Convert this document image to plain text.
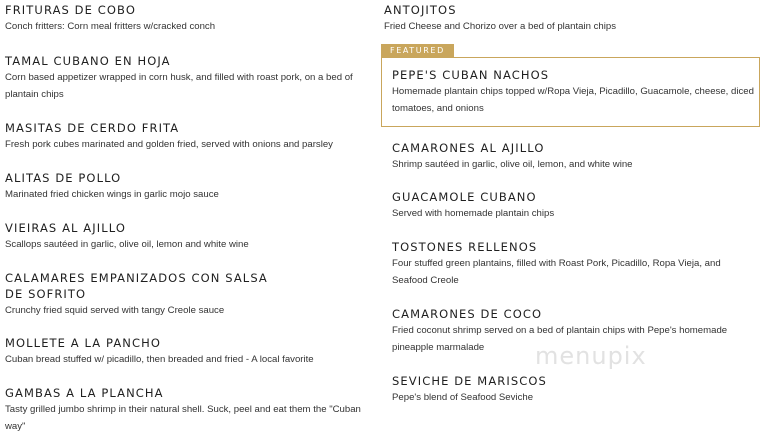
FRITURAS DE COBO
Conch fritters: Corn meal fritters w/cracked conch
TAMAL CUBANO EN HOJA
Corn based appetizer wrapped in corn husk, and filled with roast pork, on a bed of plantain chips
MASITAS DE CERDO FRITA
Fresh pork cubes marinated and golden fried, served with onions and parsley
ALITAS DE POLLO
Marinated fried chicken wings in garlic mojo sauce
VIEIRAS AL AJILLO
Scallops sautéed in garlic, olive oil, lemon and white wine
CALAMARES EMPANIZADOS CON SALSA DE SOFRITO
Crunchy fried squid served with tangy Creole sauce
MOLLETE A LA PANCHO
Cuban bread stuffed w/ picadillo, then breaded and fried - A local favorite
GAMBAS A LA PLANCHA
Tasty grilled jumbo shrimp in their natural shell. Suck, peel and eat them the "Cuban way"
FEATURED
ANTOJITOS
Fried Cheese and Chorizo over a bed of plantain chips
PEPE'S CUBAN NACHOS
Homemade plantain chips topped w/Ropa Vieja, Picadillo, Guacamole, cheese, diced tomatoes, and onions
CAMARONES AL AJILLO
Shrimp sautéed in garlic, olive oil, lemon, and white wine
GUACAMOLE CUBANO
Served with homemade plantain chips
TOSTONES RELLENOS
Four stuffed green plantains, filled with Roast Pork, Picadillo, Ropa Vieja, and Seafood Creole
CAMARONES DE COCO
Fried coconut shrimp served on a bed of plantain chips with Pepe's homemade pineapple marmalade
SEVICHE DE MARISCOS
Pepe's blend of Seafood Seviche
menupix
